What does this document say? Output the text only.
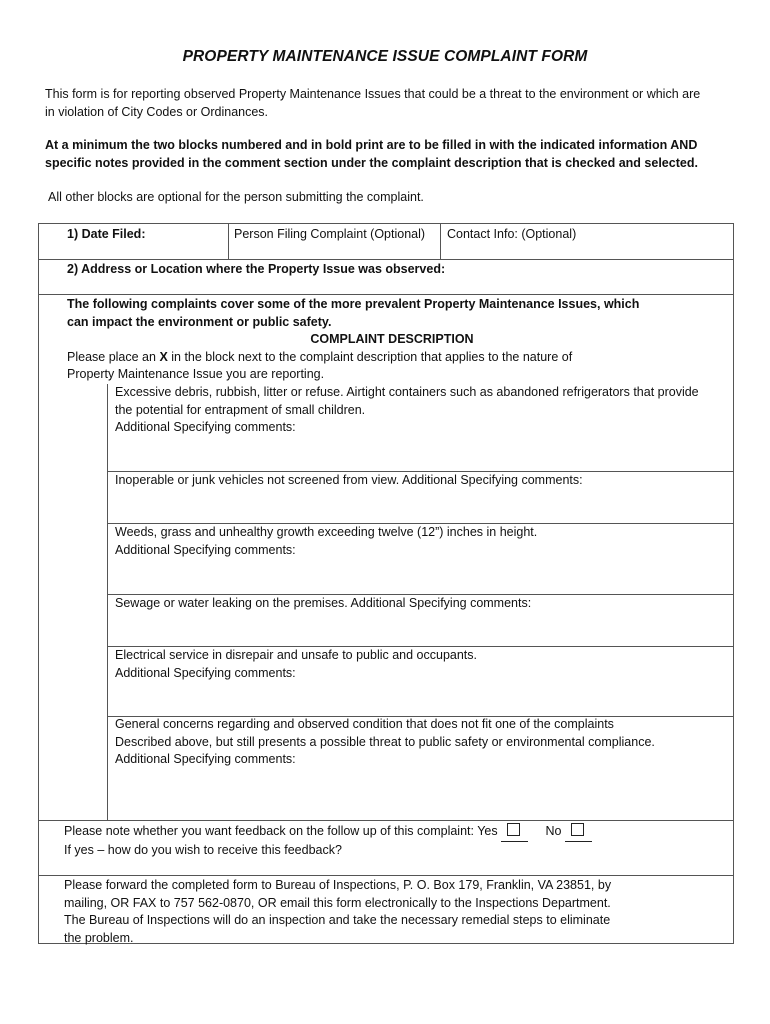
PROPERTY MAINTENANCE ISSUE COMPLAINT FORM
This form is for reporting observed Property Maintenance Issues that could be a threat to the environment or which are
in violation of City Codes or Ordinances.
At a minimum the two blocks numbered and in bold print are to be filled in with the indicated information AND
specific notes provided in the comment section under the complaint description that is checked and selected.
All other blocks are optional for the person submitting the complaint.
1) Date Filed:	Person Filing Complaint (Optional) Contact Info: (Optional)
2) Address or Location where the Property Issue was observed:
The following complaints cover some of the more prevalent Property Maintenance Issues, which
can impact the environment or public safety.
COMPLAINT DESCRIPTION
Please place an X in the block next to the complaint description that applies to the nature of
Property Maintenance Issue you are reporting.
Excessive debris, rubbish, litter or refuse. Airtight containers such as abandoned refrigerators that provide
the potential for entrapment of small children.
Additional Specifying comments:
Inoperable or junk vehicles not screened from view. Additional Specifying comments:
Weeds, grass and unhealthy growth exceeding twelve (12”) inches in height.
Additional Specifying comments:
Sewage or water leaking on the premises. Additional Specifying comments:
Electrical service in disrepair and unsafe to public and occupants.
Additional Specifying comments:
General concerns regarding and observed condition that does not fit one of the complaints
Described above, but still presents a possible threat to public safety or environmental compliance.
Additional Specifying comments:
Please note whether you want feedback on the follow up of this complaint: Yes	No
If yes – how do you wish to receive this feedback?
Please forward the completed form to Bureau of Inspections, P. O. Box 179, Franklin, VA 23851, by
mailing, OR FAX to 757 562-0870, OR email this form electronically to the Inspections Department.
The Bureau of Inspections will do an inspection and take the necessary remedial steps to eliminate
the problem.
